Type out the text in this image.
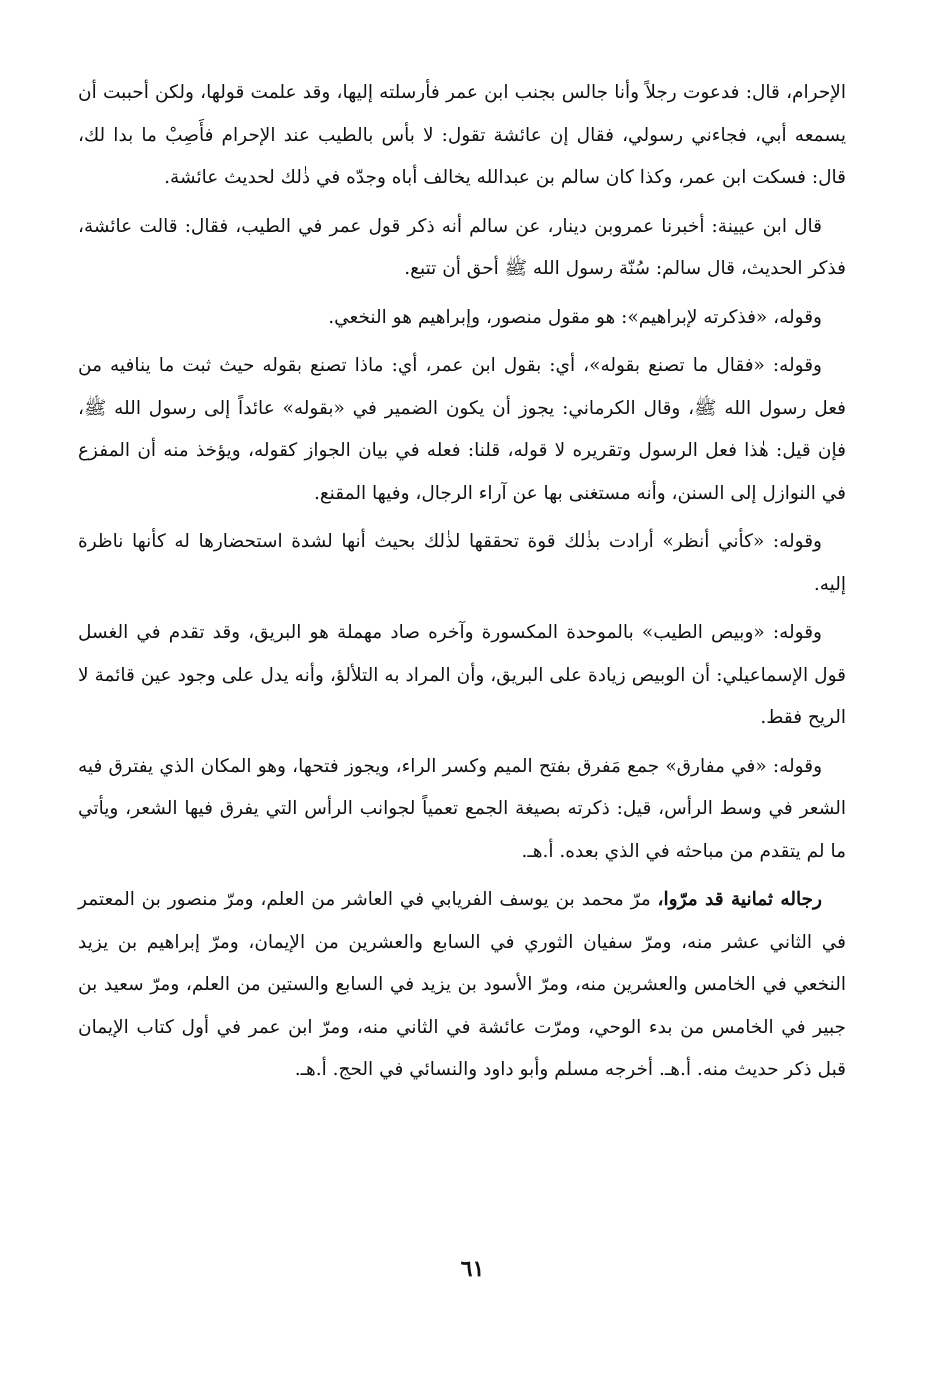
الإحرام، قال: فدعوت رجلاً وأنا جالس بجنب ابن عمر فأرسلته إليها، وقد علمت قولها، ولكن أحببت أن يسمعه أبي، فجاءني رسولي، فقال إن عائشة تقول: لا بأس بالطيب عند الإحرام فأَصِبْ ما بدا لك، قال: فسكت ابن عمر، وكذا كان سالم بن عبدالله يخالف أباه وجدّه في ذٰلك لحديث عائشة.

قال ابن عيينة: أخبرنا عمروبن دينار، عن سالم أنه ذكر قول عمر في الطيب، فقال: قالت عائشة، فذكر الحديث، قال سالم: سُنّة رسول الله ﷺ أحق أن تتبع.

وقوله، «فذكرته لإبراهيم»: هو مقول منصور، وإبراهيم هو النخعي.

وقوله: «فقال ما تصنع بقوله»، أي: بقول ابن عمر، أي: ماذا تصنع بقوله حيث ثبت ما ينافيه من فعل رسول الله ﷺ، وقال الكرماني: يجوز أن يكون الضمير في «بقوله» عائداً إلى رسول الله ﷺ، فإن قيل: هٰذا فعل الرسول وتقريره لا قوله، قلنا: فعله في بيان الجواز كقوله، ويؤخذ منه أن المفزع في النوازل إلى السنن، وأنه مستغنى بها عن آراء الرجال، وفيها المقنع.

وقوله: «كأني أنظر» أرادت بذٰلك قوة تحققها لذٰلك بحيث أنها لشدة استحضارها له كأنها ناظرة إليه.

وقوله: «وبيص الطيب» بالموحدة المكسورة وآخره صاد مهملة هو البريق، وقد تقدم في الغسل قول الإسماعيلي: أن الوبيص زيادة على البريق، وأن المراد به التلألؤ، وأنه يدل على وجود عين قائمة لا الريح فقط.

وقوله: «في مفارق» جمع مَفرق بفتح الميم وكسر الراء، ويجوز فتحها، وهو المكان الذي يفترق فيه الشعر في وسط الرأس، قيل: ذكرته بصيغة الجمع تعمياً لجوانب الرأس التي يفرق فيها الشعر، ويأتي ما لم يتقدم من مباحثه في الذي بعده. أ.هـ.

رجاله ثمانية قد مرّوا، مرّ محمد بن يوسف الفريابي في العاشر من العلم، ومرّ منصور بن المعتمر في الثاني عشر منه، ومرّ سفيان الثوري في السابع والعشرين من الإيمان، ومرّ إبراهيم بن يزيد النخعي في الخامس والعشرين منه، ومرّ الأسود بن يزيد في السابع والستين من العلم، ومرّ سعيد بن جبير في الخامس من بدء الوحي، ومرّت عائشة في الثاني منه، ومرّ ابن عمر في أول كتاب الإيمان قبل ذكر حديث منه. أ.هـ. أخرجه مسلم وأبو داود والنسائي في الحج. أ.هـ.

٦١
